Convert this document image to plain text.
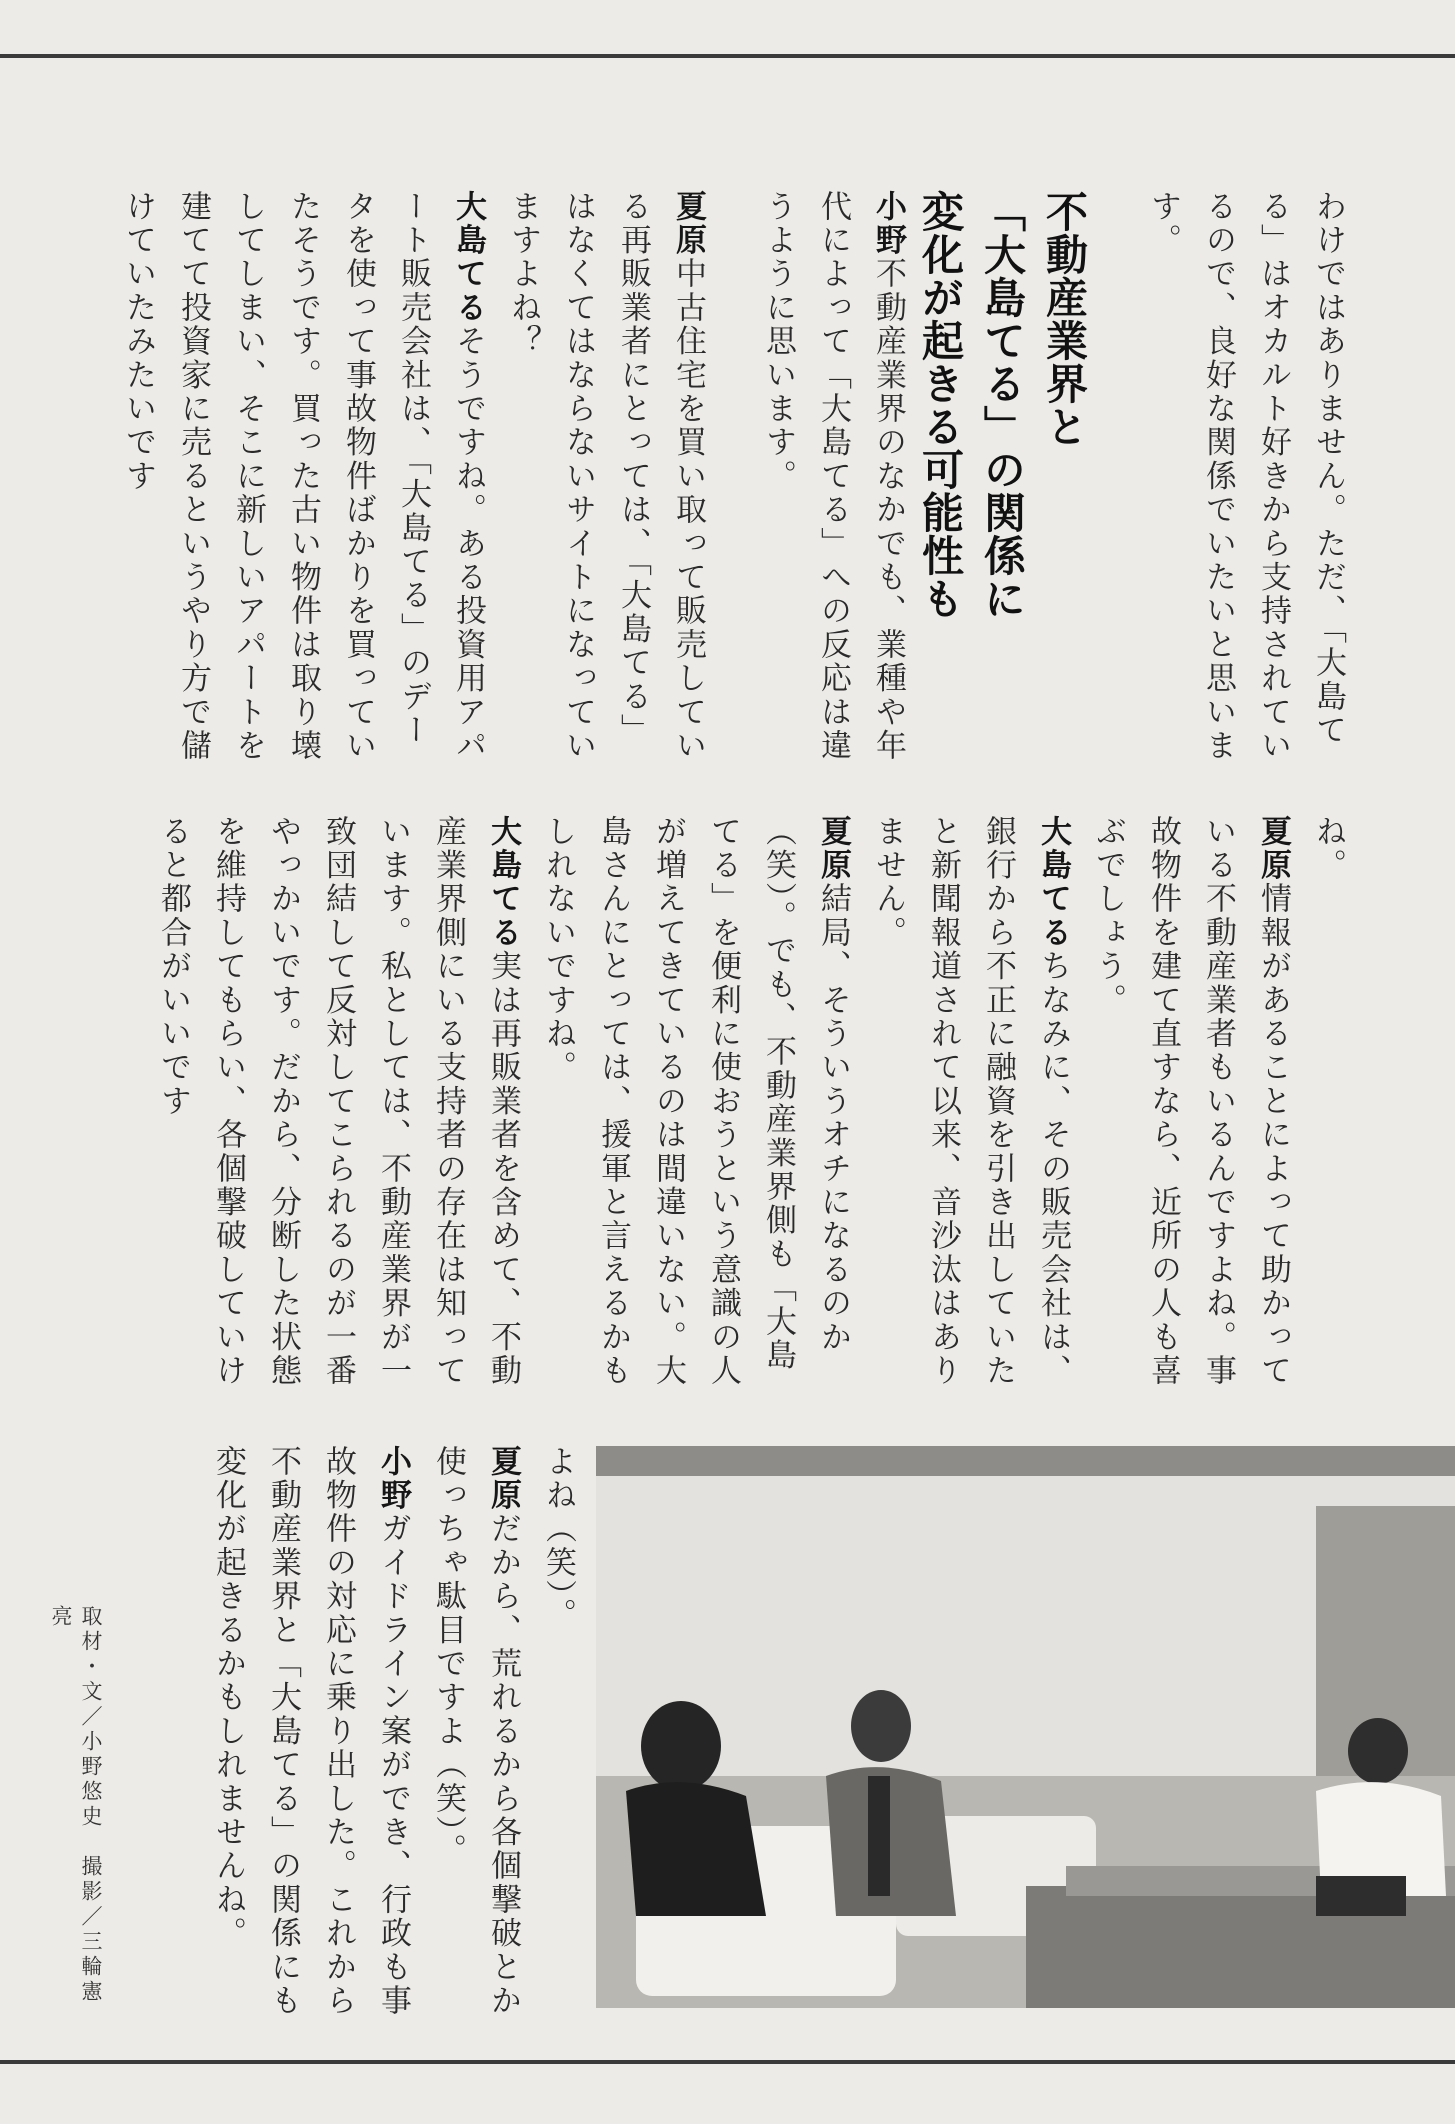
不動産業界と
「大島てる」の関係に
変化が起きる可能性も	わけではありません。ただ、「大島てる」はオカルト好きから支持されているので、良好な関係でいたいと思います。
小野不動産業界のなかでも、業種や年代によって「大島てる」への反応は違うように思います。
夏原中古住宅を買い取って販売している再販業者にとっては、「大島てる」はなくてはならないサイトになっていますよね？
大島てるそうですね。ある投資用アパート販売会社は、「大島てる」のデータを使って事故物件ばかりを買っていたそうです。買った古い物件は取り壊してしまい、そこに新しいアパートを建てて投資家に売るというやり方で儲けていたみたいです
ね。
夏原情報があることによって助かっている不動産業者もいるんですよね。事故物件を建て直すなら、近所の人も喜ぶでしょう。
大島てるちなみに、その販売会社は、銀行から不正に融資を引き出していたと新聞報道されて以来、音沙汰はありません。
夏原結局、そういうオチになるのか（笑）。でも、不動産業界側も「大島てる」を便利に使おうという意識の人が増えてきているのは間違いない。大島さんにとっては、援軍と言えるかもしれないですね。
大島てる実は再販業者を含めて、不動産業界側にいる支持者の存在は知っています。私としては、不動産業界が一致団結して反対してこられるのが一番やっかいです。だから、分断した状態を維持してもらい、各個撃破していけると都合がいいです
よね（笑）。
夏原だから、荒れるから各個撃破とか使っちゃ駄目ですよ（笑）。
小野ガイドライン案ができ、行政も事故物件の対応に乗り出した。これから不動産業界と「大島てる」の関係にも変化が起きるかもしれませんね。
取材・文／小野悠史　撮影／三輪憲亮
